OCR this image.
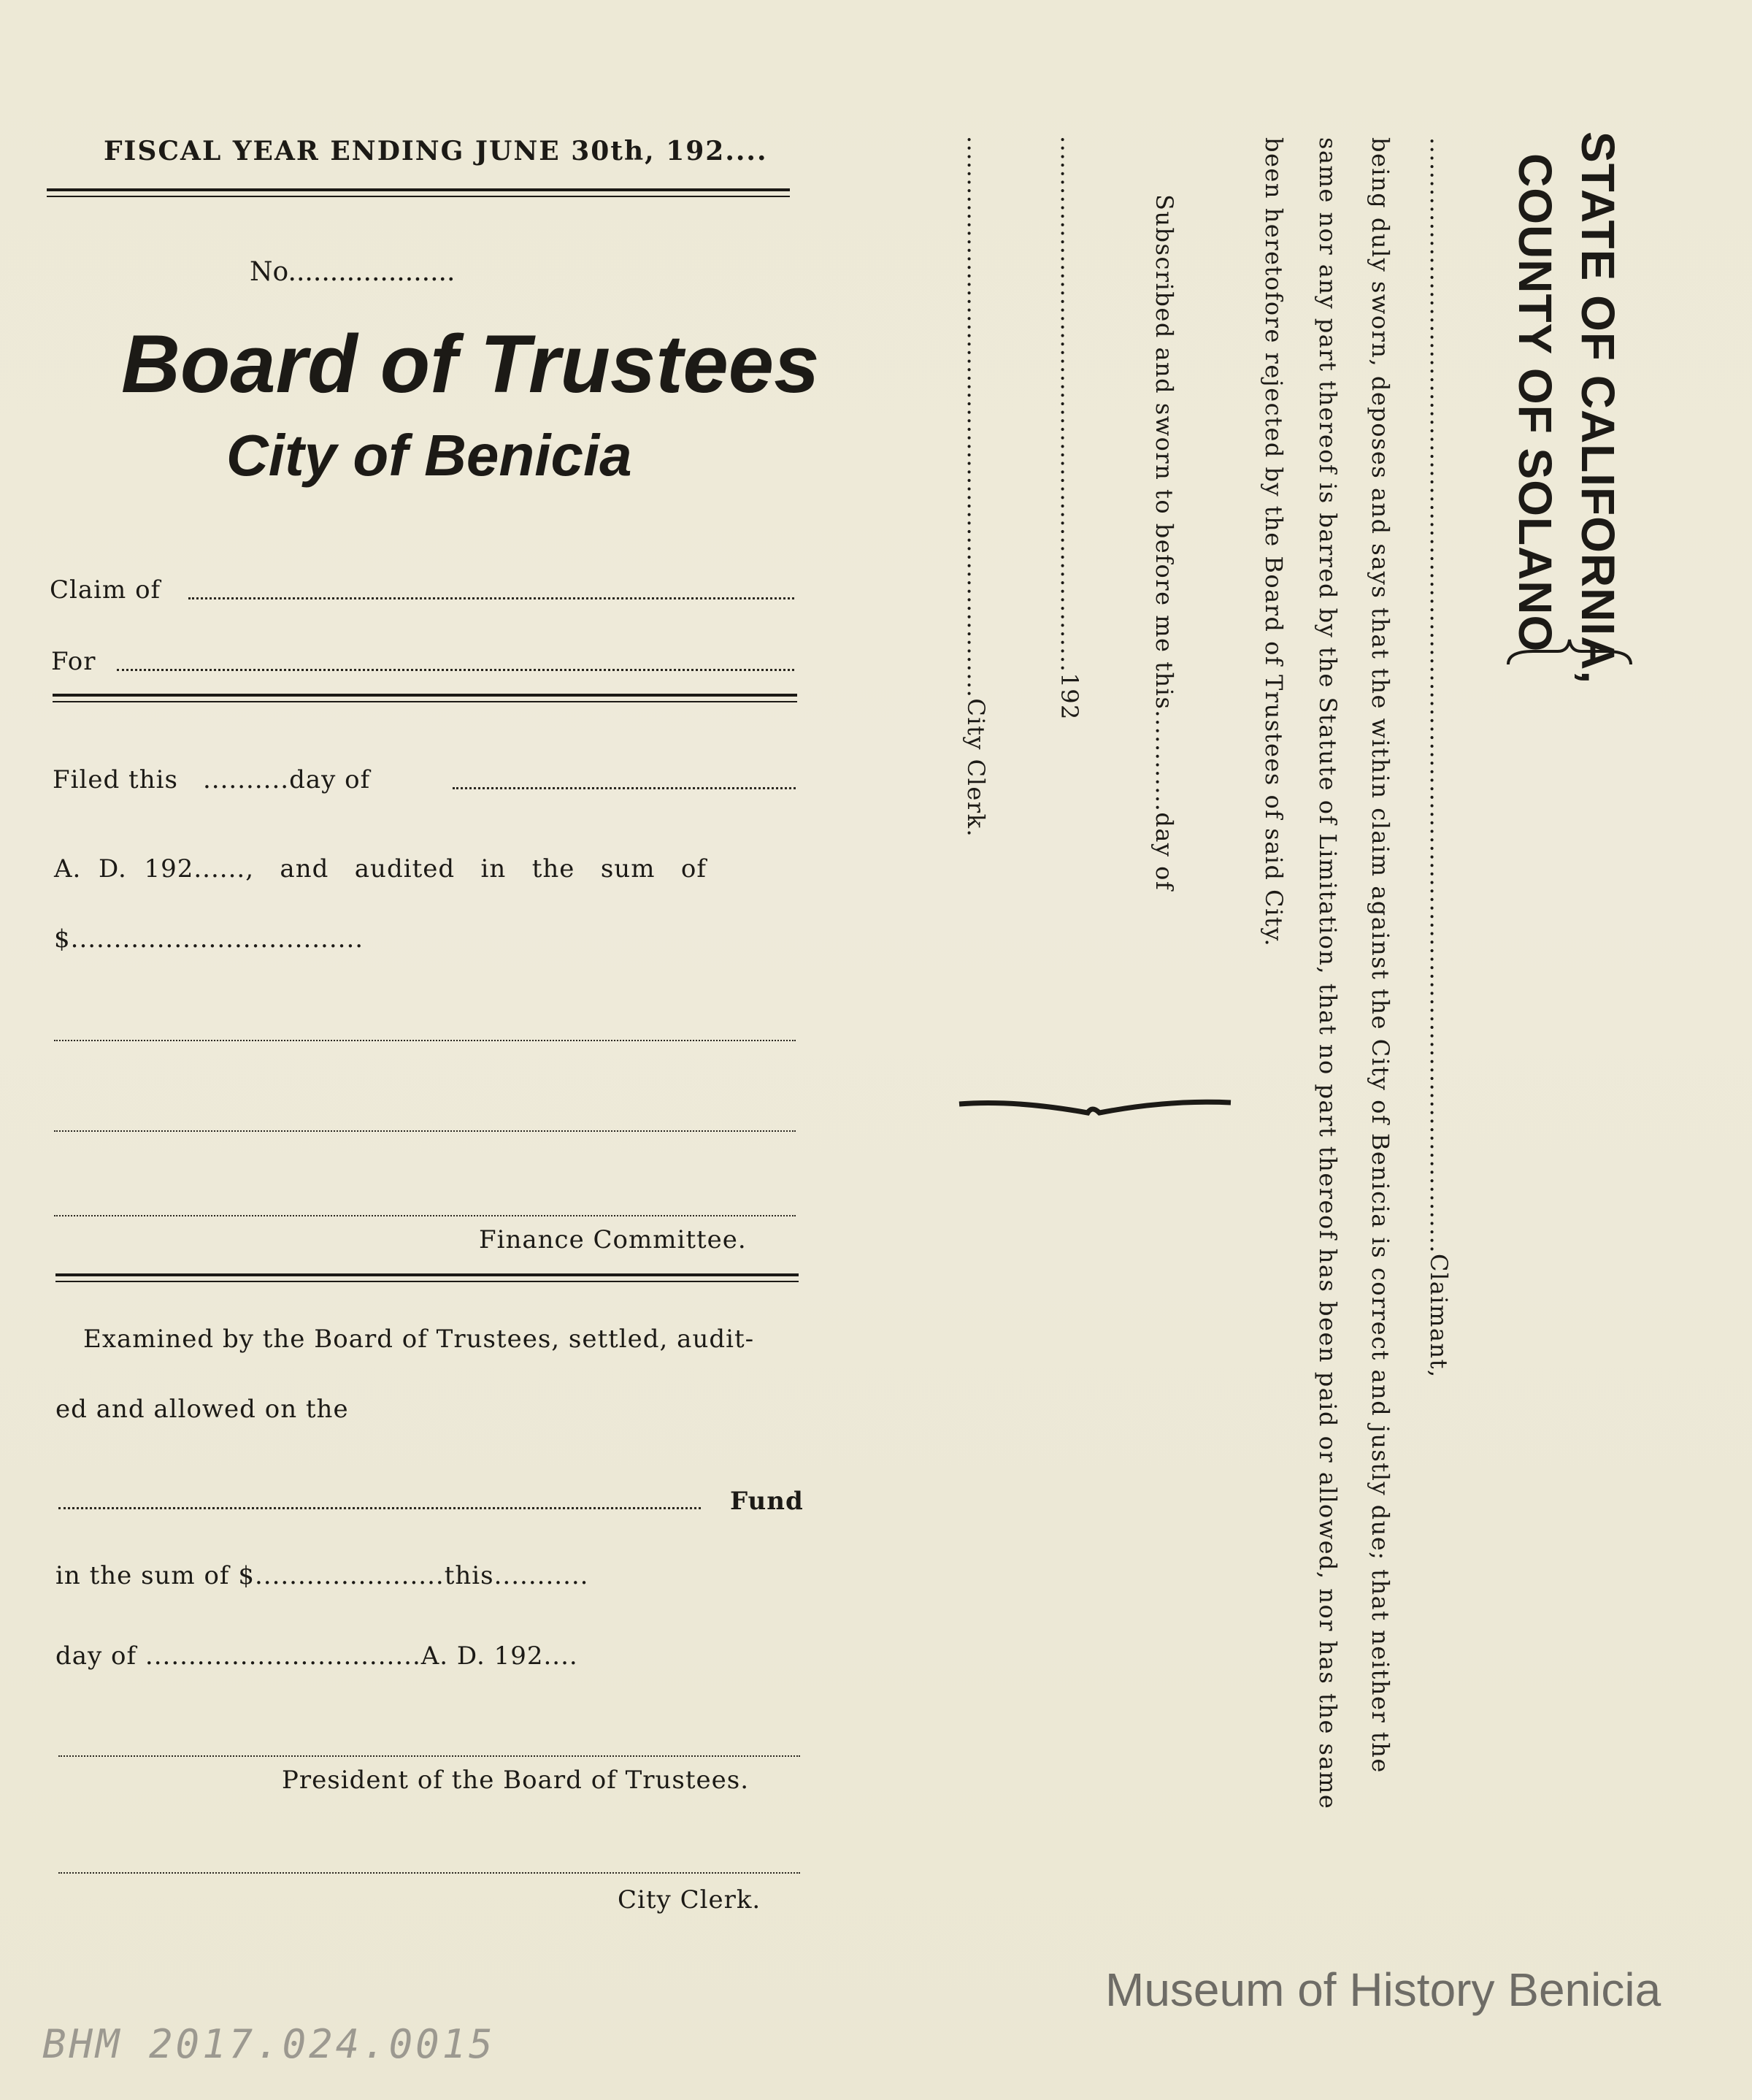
FISCAL YEAR ENDING JUNE 30th, 192....
No....................
Board of Trustees
City of Benicia
Claim of
For
Filed this ..........day of
A.  D.  192......,   and   audited   in   the   sum   of
$..................................
Finance Committee.
Examined by the Board of Trustees, settled, audit-
ed and allowed on the
Fund
in the sum of $......................this...........
day of ................................A. D. 192....
President of the Board of Trustees.
City Clerk.
STATE OF CALIFORNIA,
COUNTY OF SOLANO
...................................................................................................................................Claimant,
being duly sworn, deposes and says that the within claim against the City of Benicia is correct and justly due; that neither the
same nor any part thereof is barred by the Statute of Limitation, that no part thereof has been paid or allowed, nor has the same
been heretofore rejected by the Board of Trustees of said City.
Subscribed and sworn to before me this............day of
...............................................................192
..................................................................City Clerk.
Museum of History Benicia
BHM 2017.024.0015
